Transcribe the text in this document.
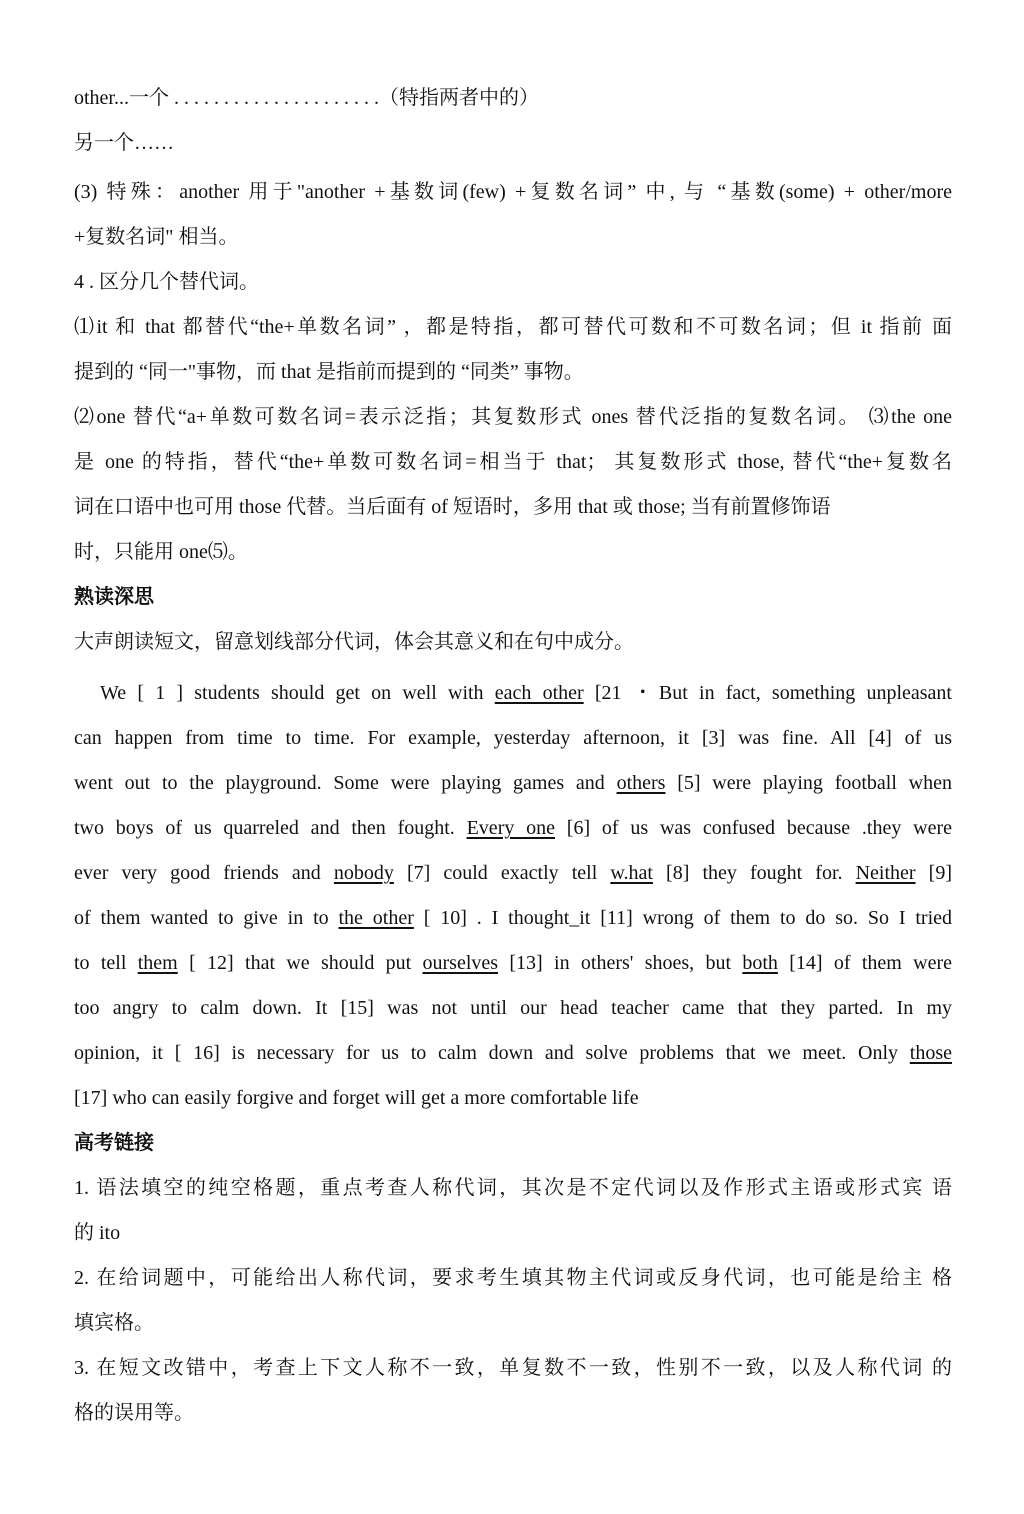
other...一个 . . . . . . . . . . . . . . . . . . . . .（特指两者中的）
另一个……
(3) 特殊：another 用于"another +基数词(few) +复数名词” 中, 与 “基数(some) + other/more
+复数名词" 相当。
4 . 区分几个替代词。
⑴it 和 that 都替代“the+单数名词” ，都是特指，都可替代可数和不可数名词；但 it 指前 面
提到的 “同一"事物，而 that 是指前而提到的 “同类” 事物。
⑵one 替代“a+单数可数名词=表示泛指；其复数形式 ones 替代泛指的复数名词。 ⑶the one
是 one 的特指，替代“the+单数可数名词=相当于 that； 其复数形式 those, 替代“the+复数名
词在口语中也可用 those 代替。当后面有 of 短语时，多用 that 或 those; 当有前置修饰语
时，只能用 one⑸。
熟读深思
大声朗读短文，留意划线部分代词，体会其意义和在句中成分。
We [ 1 ] students should get on well with each other [21 ・But in fact, something unpleasant
can happen from time to time. For example, yesterday afternoon, it [3] was fine. All [4] of us
went out to the playground. Some were playing games and others [5] were playing football when
two boys of us quarreled and then fought. Every one [6] of us was confused because .they were
ever very good friends and nobody [7] could exactly tell w.hat [8] they fought for. Neither [9]
of them wanted to give in to the other [ 10] . I thought_it [11] wrong of them to do so. So I tried
to tell them [ 12] that we should put ourselves [13] in others' shoes, but both [14] of them were
too angry to calm down. It [15] was not until our head teacher came that they parted. In my
opinion, it [ 16] is necessary for us to calm down and solve problems that we meet. Only those
[17] who can easily forgive and forget will get a more comfortable life
高考链接
1. 语法填空的纯空格题，重点考查人称代词，其次是不定代词以及作形式主语或形式宾 语
的 ito
2. 在给词题中，可能给出人称代词，要求考生填其物主代词或反身代词，也可能是给主 格
填宾格。
3. 在短文改错中，考查上下文人称不一致，单复数不一致，性别不一致，以及人称代词 的
格的误用等。
